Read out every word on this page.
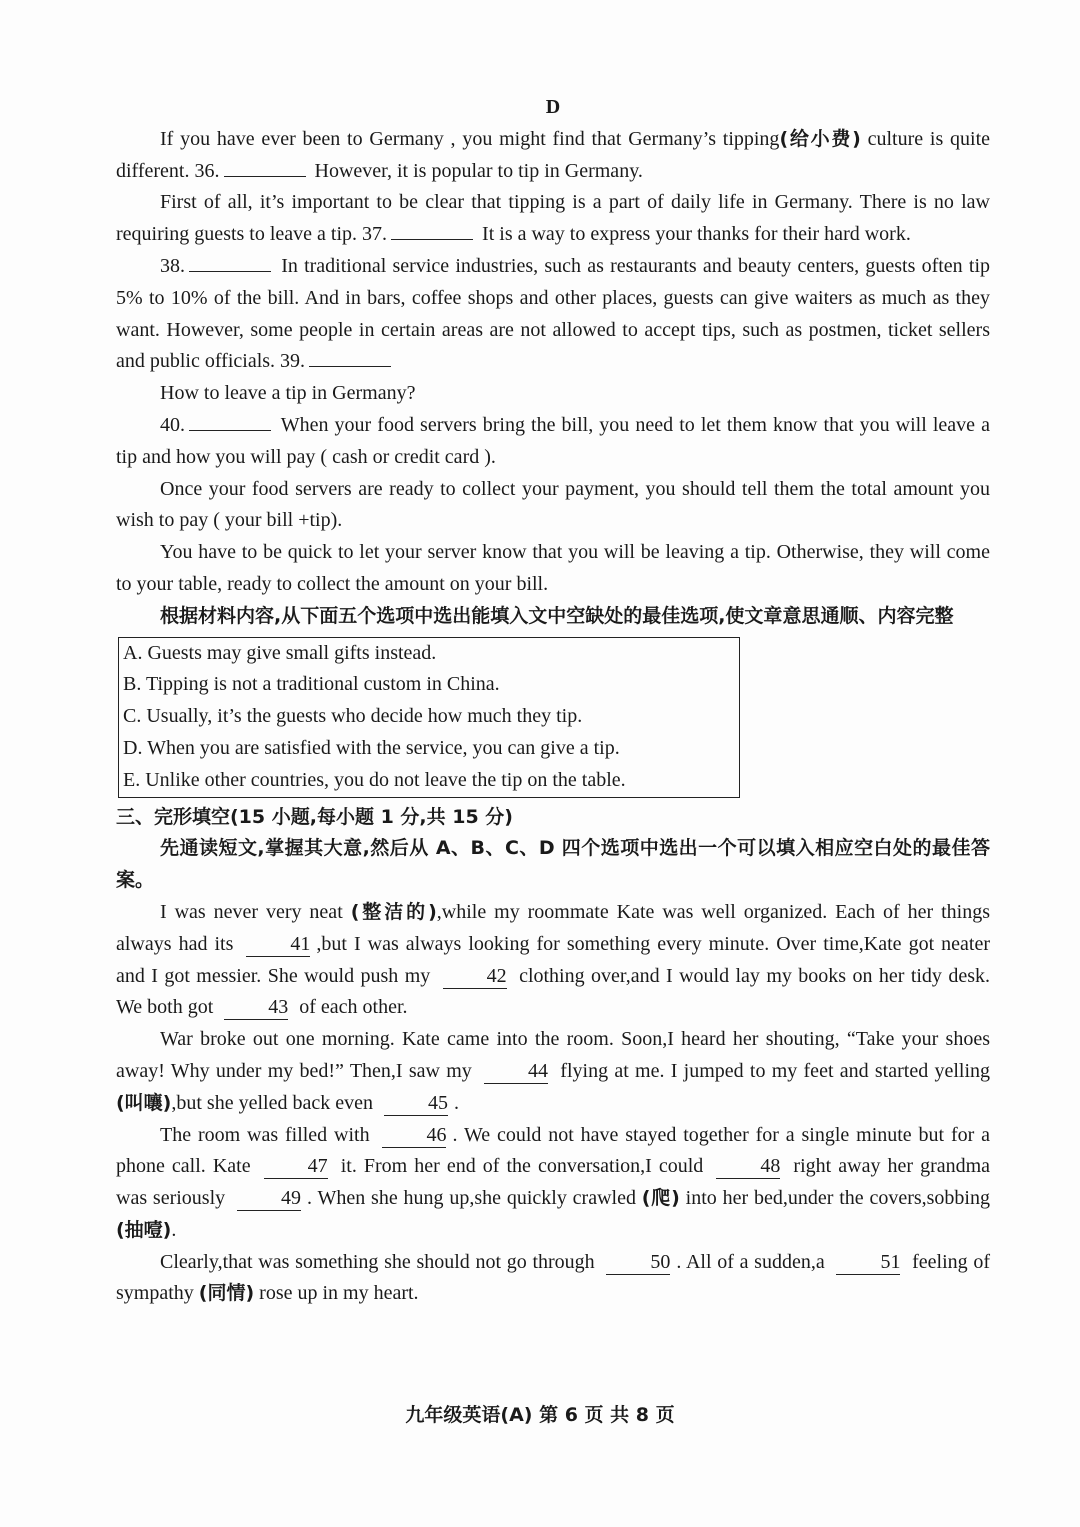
D
If you have ever been to Germany , you might find that Germany’s tipping(给小费) culture is quite different. 36.	However, it is popular to tip in Germany.
First of all, it’s important to be clear that tipping is a part of daily life in Germany. There is no law requiring guests to leave a tip. 37.	It is a way to express your thanks for their hard work.
38.	In traditional service industries, such as restaurants and beauty centers, guests often tip 5% to 10% of the bill. And in bars, coffee shops and other places, guests can give waiters as much as they want. However, some people in certain areas are not allowed to accept tips, such as postmen, ticket sellers and public officials. 39.
How to leave a tip in Germany?
40.	When your food servers bring the bill, you need to let them know that you will leave a tip and how you will pay ( cash or credit card ).
Once your food servers are ready to collect your payment, you should tell them the total amount you wish to pay ( your bill +tip).
You have to be quick to let your server know that you will be leaving a tip. Otherwise, they will come to your table, ready to collect the amount on your bill.
根据材料内容,从下面五个选项中选出能填入文中空缺处的最佳选项,使文章意思通顺、内容完整
A. Guests may give small gifts instead.
B. Tipping is not a traditional custom in China.
C. Usually, it’s the guests who decide how much they tip.
D. When you are satisfied with the service, you can give a tip.
E. Unlike other countries, you do not leave the tip on the table.
三、完形填空(15 小题,每小题 1 分,共 15 分)
先通读短文,掌握其大意,然后从 A、B、C、D 四个选项中选出一个可以填入相应空白处的最佳答案。
I was never very neat (整洁的),while my roommate Kate was well organized. Each of her things always had its	41 ,but I was always looking for something every minute. Over time,Kate got neater and I got messier. She would push my	42 clothing over,and I would lay my books on her tidy desk. We both got	43 of each other.
War broke out one morning. Kate came into the room. Soon,I heard her shouting, “Take your shoes away! Why under my bed!” Then,I saw my	44 flying at me. I jumped to my feet and started yelling (叫嚷),but she yelled back even	45 .
The room was filled with	46 . We could not have stayed together for a single minute but for a phone call. Kate	47 it. From her end of the conversation,I could	48 right away her grandma was seriously	49 . When she hung up,she quickly crawled (爬) into her bed,under the covers,sobbing (抽噎).
Clearly,that was something she should not go through	50 . All of a sudden,a	51 feeling of sympathy (同情) rose up in my heart.
九年级英语(A) 第 6 页 共 8 页
